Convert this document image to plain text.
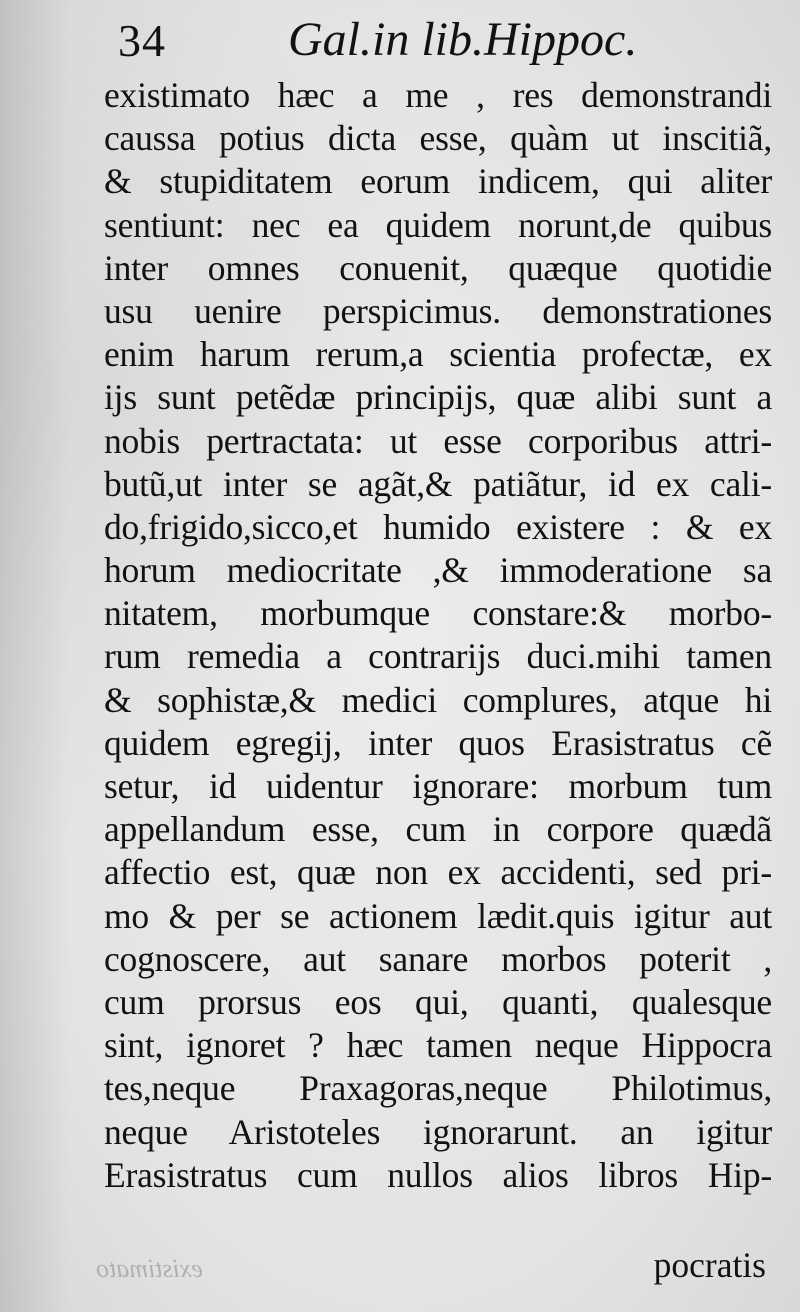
34	Gal.in lib.Hippoc.
existimato hæc a me , res demonstrandi
caussa potius dicta esse, quàm ut inscitiã,
& stupiditatem eorum indicem, qui aliter
sentiunt: nec ea quidem norunt,de quibus
inter omnes conuenit, quæque quotidie
usu uenire perspicimus. demonstrationes
enim harum rerum,a scientia profectæ, ex
ijs sunt petẽdæ principijs, quæ alibi sunt a
nobis pertractata: ut esse corporibus attri-
butũ,ut inter se agãt,& patiãtur, id ex cali-
do,frigido,sicco,et humido existere : & ex
horum mediocritate ,& immoderatione sa
nitatem, morbumque constare:& morbo-
rum remedia a contrarijs duci.mihi tamen
& sophistæ,& medici complures, atque hi
quidem egregij, inter quos Erasistratus cẽ
setur, id uidentur ignorare: morbum tum
appellandum esse, cum in corpore quædã
affectio est, quæ non ex accidenti, sed pri-
mo & per se actionem lædit.quis igitur aut
cognoscere, aut sanare morbos poterit ,
cum prorsus eos qui, quanti, qualesque
sint, ignoret ? hæc tamen neque Hippocra
tes,neque Praxagoras,neque Philotimus,
neque Aristoteles ignorarunt. an igitur
Erasistratus cum nullos alios libros Hip-
existimato	pocratis
